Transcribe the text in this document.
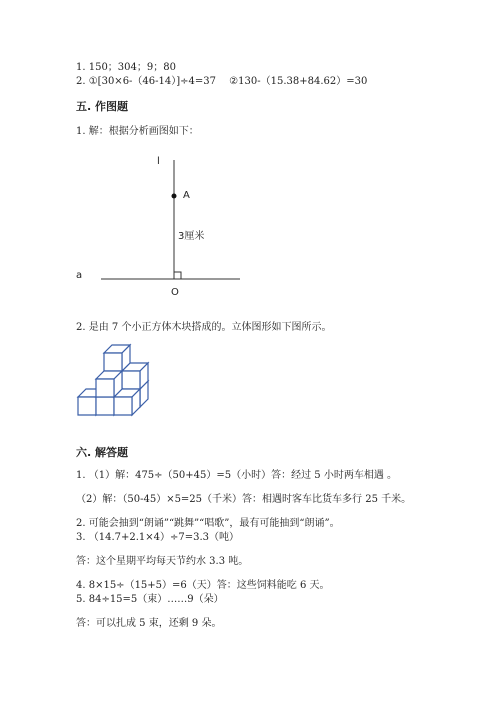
1. 150；304；9；80
2. ①[30×6-（46-14）]÷4=37　 ②130-（15.38+84.62）=30
五. 作图题
1. 解：根据分析画图如下：
l
A
3厘米
a
O
2. 是由 7 个小正方体木块搭成的。立体图形如下图所示。
六. 解答题
1. （1）解：475÷（50+45）=5（小时）答：经过 5 小时两车相遇 。
（2）解：（50-45）×5=25（千米）答：相遇时客车比货车多行 25 千米。
2. 可能会抽到“朗诵”“跳舞”“唱歌”，最有可能抽到“朗诵”。
3. （14.7+2.1×4）÷7=3.3（吨）
答：这个星期平均每天节约水 3.3 吨。
4. 8×15÷（15+5）=6（天）答：这些饲料能吃 6 天。
5. 84÷15=5（束）……9（朵）
答：可以扎成 5 束，还剩 9 朵。
